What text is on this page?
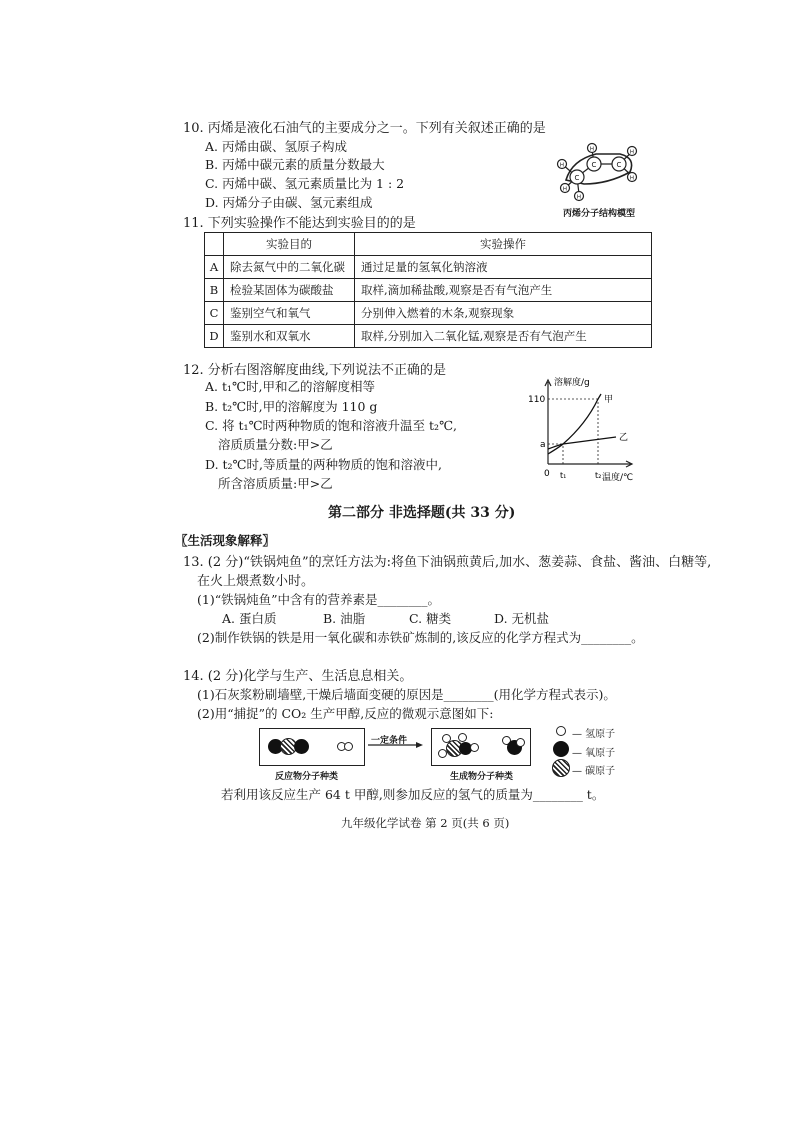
10. 丙烯是液化石油气的主要成分之一。下列有关叙述正确的是
A. 丙烯由碳、氢原子构成
B. 丙烯中碳元素的质量分数最大
C. 丙烯中碳、氢元素质量比为 1 : 2
D. 丙烯分子由碳、氢元素组成
C	C
C
H
H
H
H	H
H
丙烯分子结构模型
11. 下列实验操作不能达到实验目的的是
	实验目的	实验操作
A	除去氮气中的二氧化碳	通过足量的氢氧化钠溶液
B	检验某固体为碳酸盐	取样,滴加稀盐酸,观察是否有气泡产生
C	鉴别空气和氧气	分别伸入燃着的木条,观察现象
D	鉴别水和双氧水	取样,分别加入二氧化锰,观察是否有气泡产生
12. 分析右图溶解度曲线,下列说法不正确的是
A. t₁℃时,甲和乙的溶解度相等
B. t₂℃时,甲的溶解度为 110 g
C. 将 t₁℃时两种物质的饱和溶液升温至 t₂℃,
溶质质量分数:甲>乙
D. t₂℃时,等质量的两种物质的饱和溶液中,
所含溶质质量:甲>乙
甲
乙
溶解度/g
温度/℃
0 t₁	t₂
a
110
第二部分 非选择题(共 33 分)
〖生活现象解释〗
13. (2 分)“铁锅炖鱼”的烹饪方法为:将鱼下油锅煎黄后,加水、葱姜蒜、食盐、酱油、白糖等,
在火上煨煮数小时。
(1)“铁锅炖鱼”中含有的营养素是________。
A. 蛋白质	B. 油脂	C. 糖类	D. 无机盐
(2)制作铁锅的铁是用一氧化碳和赤铁矿炼制的,该反应的化学方程式为________。
14. (2 分)化学与生产、生活息息相关。
(1)石灰浆粉刷墙壁,干燥后墙面变硬的原因是________(用化学方程式表示)。
(2)用“捕捉”的 CO₂ 生产甲醇,反应的微观示意图如下:
一定条件
反应物分子种类	生成物分子种类
— 氢原子
— 氧原子
— 碳原子
若利用该反应生产 64 t 甲醇,则参加反应的氢气的质量为________ t。
九年级化学试卷 第 2 页(共 6 页)
